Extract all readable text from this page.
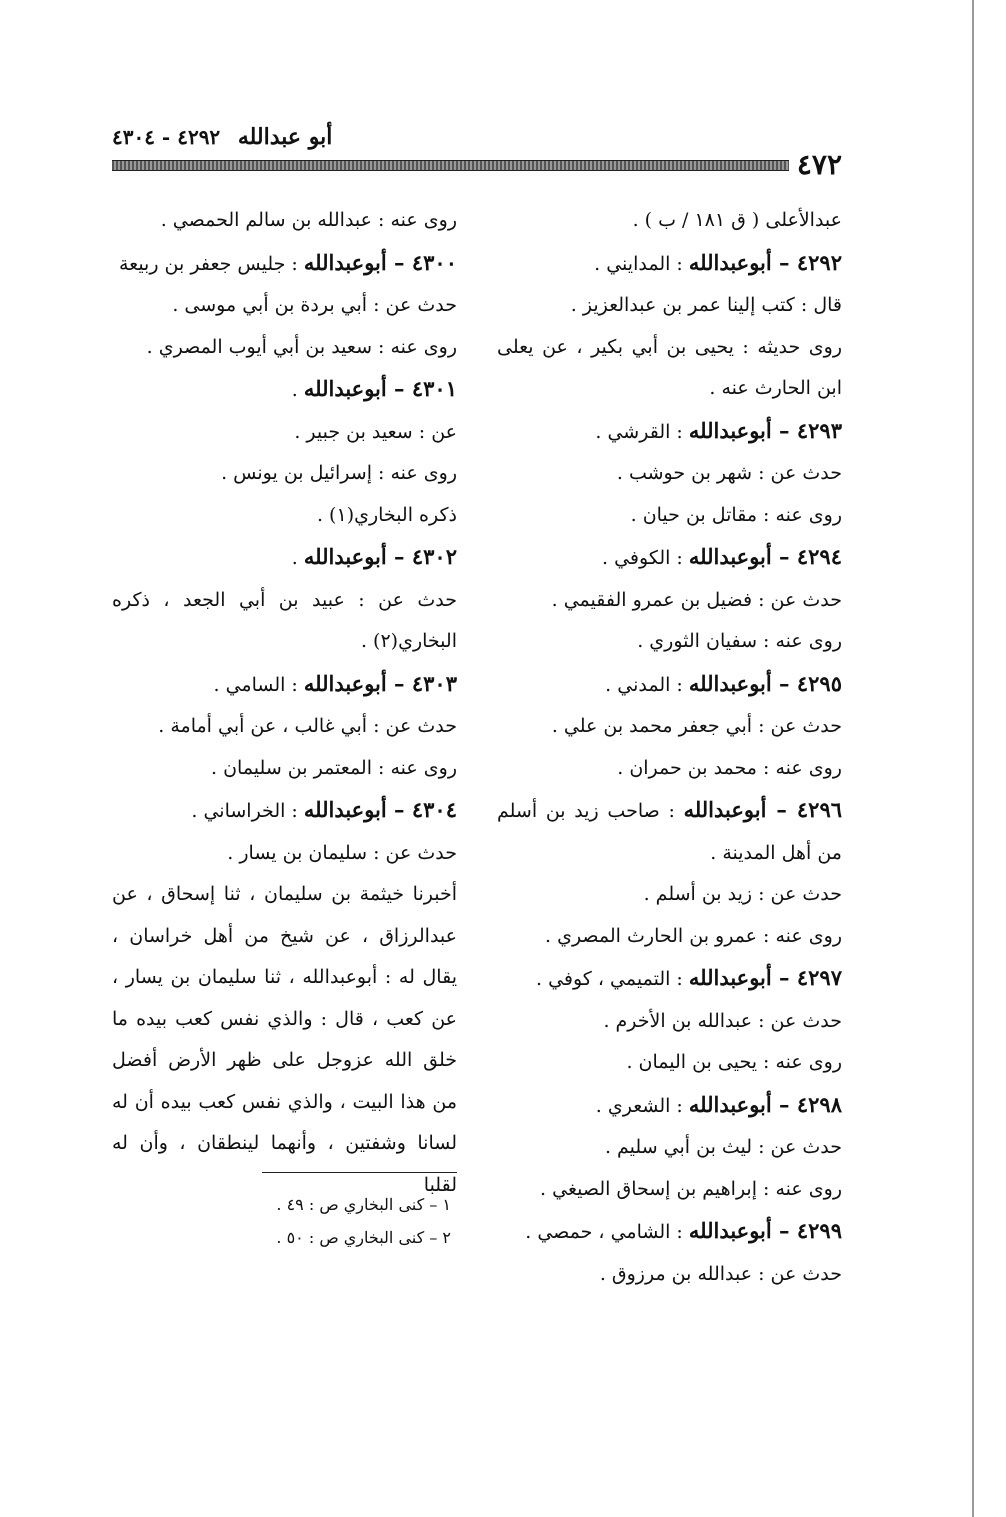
أبو عبدالله ٤٢٩٢ - ٤٣٠٤
٤٧٢

عبدالأعلى ( ق ١٨١ / ب ) .

٤٢٩٢ – أبوعبدالله : المدايني .

قال : كتب إلينا عمر بن عبدالعزيز .

روى حديثه : يحيى بن أبي بكير ، عن يعلى ابن الحارث عنه .

٤٢٩٣ – أبوعبدالله : القرشي .

حدث عن : شهر بن حوشب .

روى عنه : مقاتل بن حيان .

٤٢٩٤ – أبوعبدالله : الكوفي .

حدث عن : فضيل بن عمرو الفقيمي .

روى عنه : سفيان الثوري .

٤٢٩٥ – أبوعبدالله : المدني .

حدث عن : أبي جعفر محمد بن علي .

روى عنه : محمد بن حمران .

٤٢٩٦ – أبوعبدالله : صاحب زيد بن أسلم من أهل المدينة .

حدث عن : زيد بن أسلم .

روى عنه : عمرو بن الحارث المصري .

٤٢٩٧ – أبوعبدالله : التميمي ، كوفي .

حدث عن : عبدالله بن الأخرم .

روى عنه : يحيى بن اليمان .

٤٢٩٨ – أبوعبدالله : الشعري .

حدث عن : ليث بن أبي سليم .

روى عنه : إبراهيم بن إسحاق الصيغي .

٤٢٩٩ – أبوعبدالله : الشامي ، حمصي .

حدث عن : عبدالله بن مرزوق .

روى عنه : عبدالله بن سالم الحمصي .

٤٣٠٠ – أبوعبدالله : جليس جعفر بن ربيعة

حدث عن : أبي بردة بن أبي موسى .

روى عنه : سعيد بن أبي أيوب المصري .

٤٣٠١ – أبوعبدالله .

عن : سعيد بن جبير .

روى عنه : إسرائيل بن يونس .

ذكره البخاري(١) .

٤٣٠٢ – أبوعبدالله .

حدث عن : عبيد بن أبي الجعد ، ذكره البخاري(٢) .

٤٣٠٣ – أبوعبدالله : السامي .

حدث عن : أبي غالب ، عن أبي أمامة .

روى عنه : المعتمر بن سليمان .

٤٣٠٤ – أبوعبدالله : الخراساني .

حدث عن : سليمان بن يسار .

أخبرنا خيثمة بن سليمان ، ثنا إسحاق ، عن عبدالرزاق ، عن شيخ من أهل خراسان ، يقال له : أبوعبدالله ، ثنا سليمان بن يسار ، عن كعب ، قال : والذي نفس كعب بيده ما خلق الله عزوجل على ظهر الأرض أفضل من هذا البيت ، والذي نفس كعب بيده أن له لسانا وشفتين ، وأنهما لينطقان ، وأن له لقلبا

١ – كنى البخاري ص : ٤٩ .

٢ – كنى البخاري ص : ٥٠ .
